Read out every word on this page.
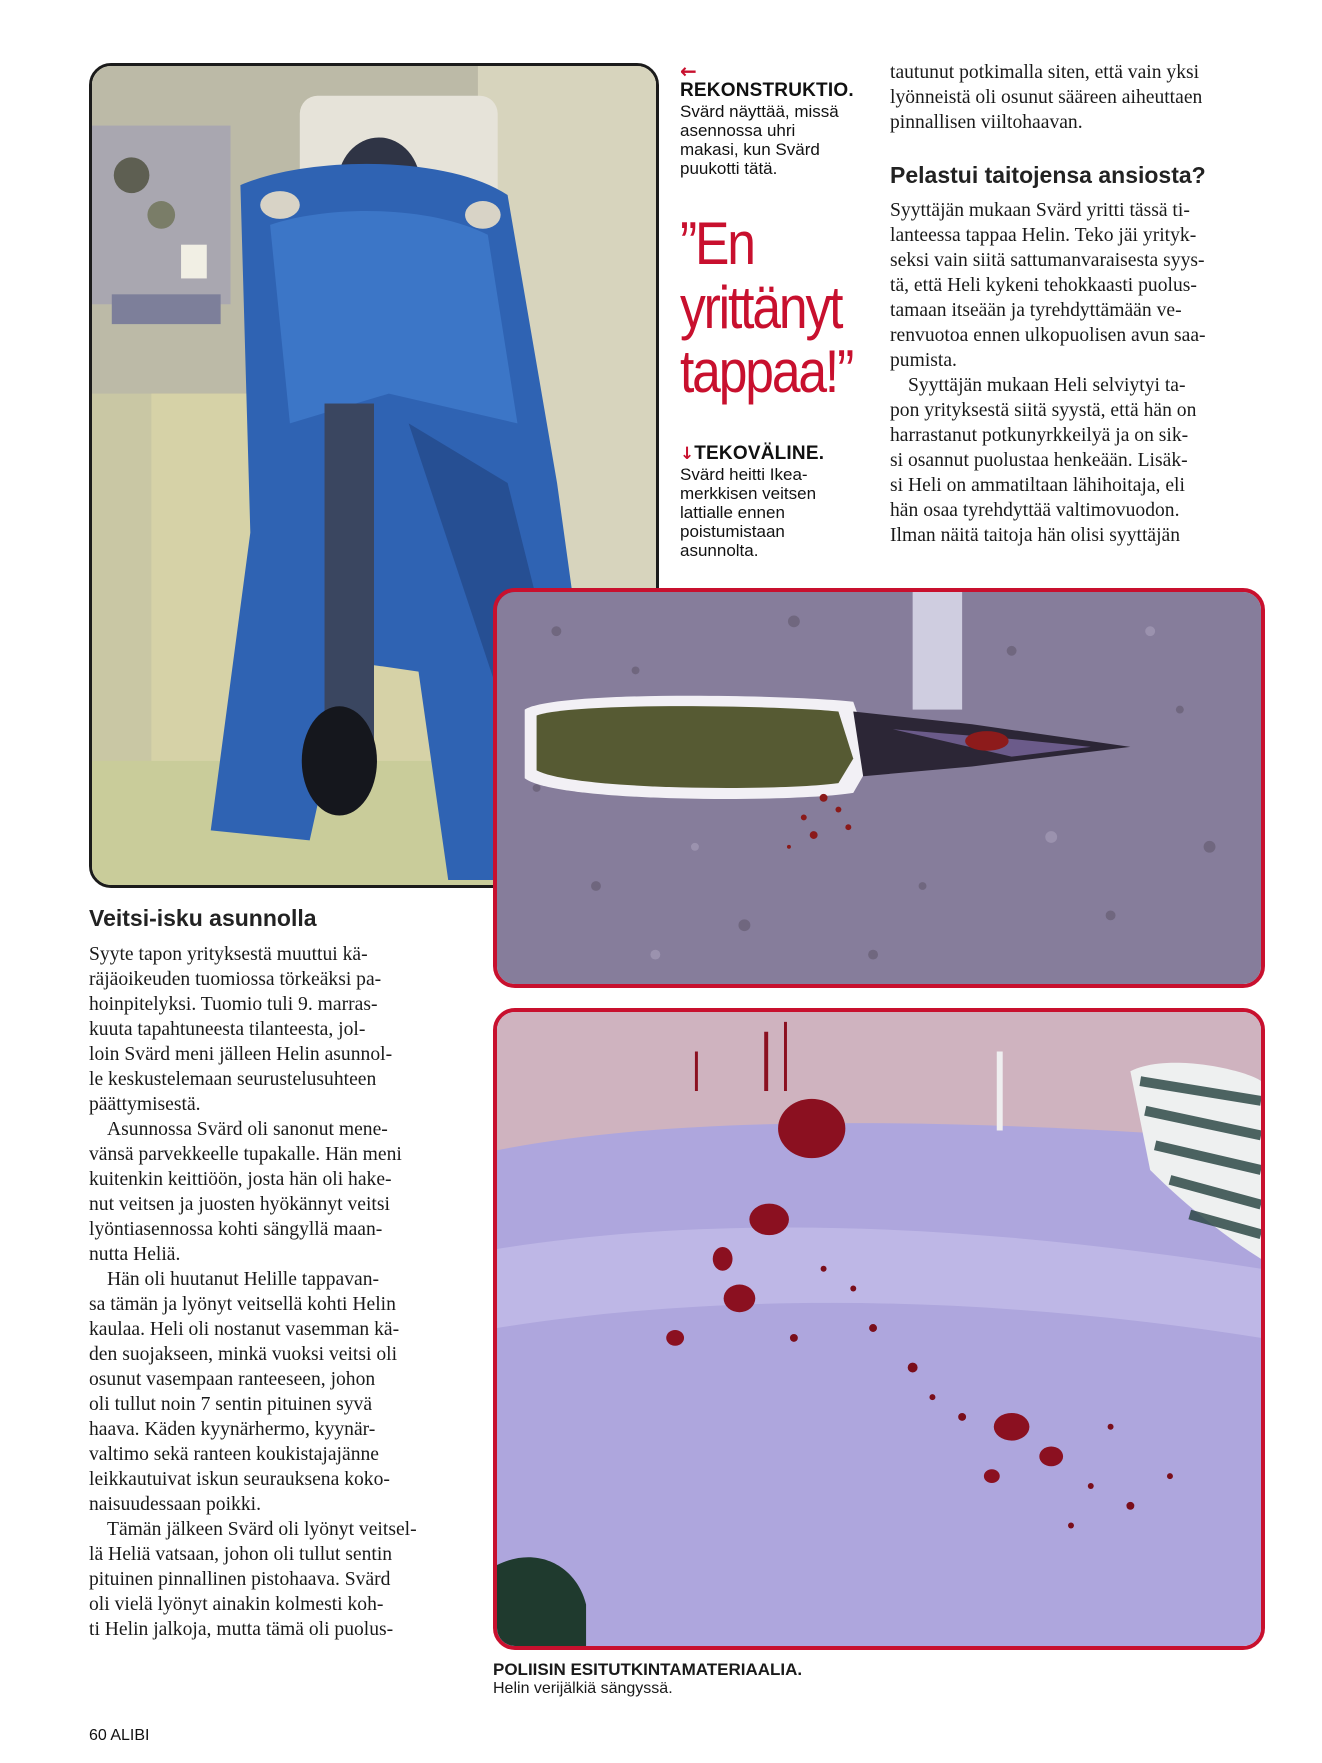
←
REKONSTRUKTIO.
Svärd näyttää, missä
asennossa uhri
makasi, kun Svärd
puukotti tätä.
”En
yrittänyt
tappaa!”
↓TEKOVÄLINE.
Svärd heitti Ikea-
merkkisen veitsen
lattialle ennen
poistumistaan
asunnolta.

tautunut potkimalla siten, että vain yksi

lyönneistä oli osunut sääreen aiheuttaen

pinnallisen viiltohaavan.

Pelastui taitojensa ansiosta?

Syyttäjän mukaan Svärd yritti tässä ti-

lanteessa tappaa Helin. Teko jäi yrityk-

seksi vain siitä sattumanvaraisesta syys-

tä, että Heli kykeni tehokkaasti puolus-

tamaan itseään ja tyrehdyttämään ve-

renvuotoa ennen ulkopuolisen avun saa-

pumista.

Syyttäjän mukaan Heli selviytyi ta-

pon yrityksestä siitä syystä, että hän on

harrastanut potkunyrkkeilyä ja on sik-

si osannut puolustaa henkeään. Lisäk-

si Heli on ammatiltaan lähihoitaja, eli

hän osaa tyrehdyttää valtimovuodon.

Ilman näitä taitoja hän olisi syyttäjän

Veitsi-isku asunnolla

Syyte tapon yrityksestä muuttui kä-

räjäoikeuden tuomiossa törkeäksi pa-

hoinpitelyksi. Tuomio tuli 9. marras-

kuuta tapahtuneesta tilanteesta, jol-

loin Svärd meni jälleen Helin asunnol-

le keskustelemaan seurustelusuhteen

päättymisestä.

Asunnossa Svärd oli sanonut mene-

vänsä parvekkeelle tupakalle. Hän meni

kuitenkin keittiöön, josta hän oli hake-

nut veitsen ja juosten hyökännyt veitsi

lyöntiasennossa kohti sängyllä maan-

nutta Heliä.

Hän oli huutanut Helille tappavan-

sa tämän ja lyönyt veitsellä kohti Helin

kaulaa. Heli oli nostanut vasemman kä-

den suojakseen, minkä vuoksi veitsi oli

osunut vasempaan ranteeseen, johon

oli tullut noin 7 sentin pituinen syvä

haava. Käden kyynärhermo, kyynär-

valtimo sekä ranteen koukistajajänne

leikkautuivat iskun seurauksena koko-

naisuudessaan poikki.

Tämän jälkeen Svärd oli lyönyt veitsel-

lä Heliä vatsaan, johon oli tullut sentin

pituinen pinnallinen pistohaava. Svärd

oli vielä lyönyt ainakin kolmesti koh-

ti Helin jalkoja, mutta tämä oli puolus-

POLIISIN ESITUTKINTAMATERIAALIA.
Helin verijälkiä sängyssä.
60 ALIBI
